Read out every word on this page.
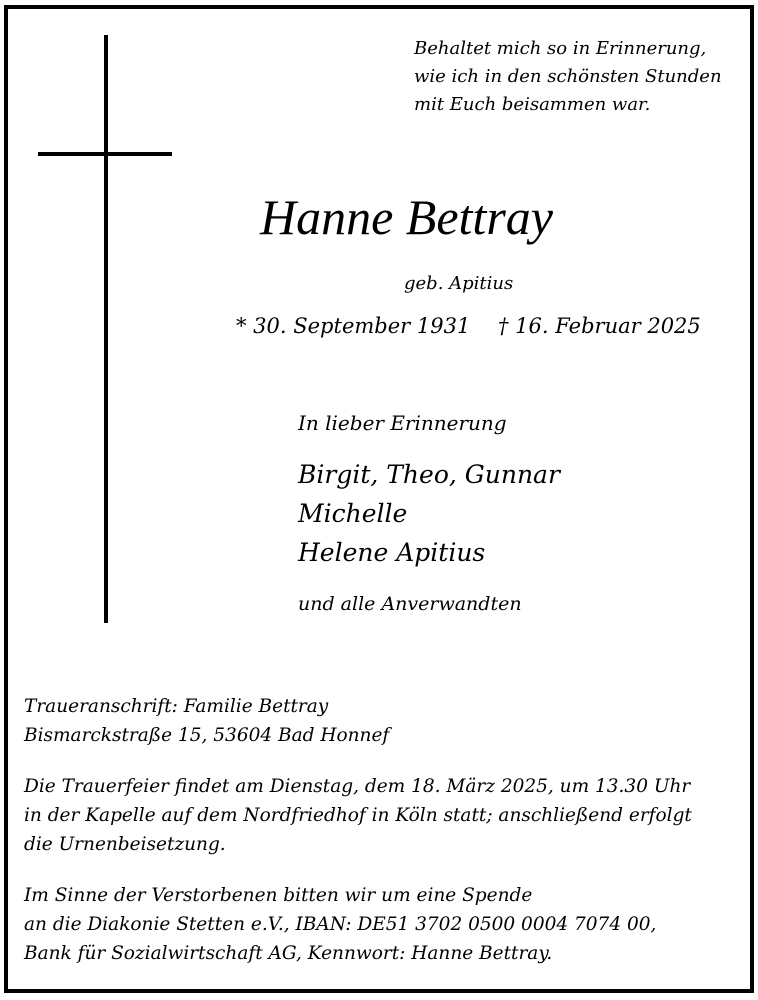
Behaltet mich so in Erinnerung,
wie ich in den schönsten Stunden
mit Euch beisammen war.
Hanne Bettray
geb. Apitius
* 30. September 1931 † 16. Februar 2025
In lieber Erinnerung
Birgit, Theo, Gunnar
Michelle
Helene Apitius
und alle Anverwandten
Traueranschrift: Familie Bettray
Bismarckstraße 15, 53604 Bad Honnef
Die Trauerfeier findet am Dienstag, dem 18. März 2025, um 13.30 Uhr
in der Kapelle auf dem Nordfriedhof in Köln statt; anschließend erfolgt
die Urnenbeisetzung.
Im Sinne der Verstorbenen bitten wir um eine Spende
an die Diakonie Stetten e.V., IBAN: DE51 3702 0500 0004 7074 00,
Bank für Sozialwirtschaft AG, Kennwort: Hanne Bettray.
